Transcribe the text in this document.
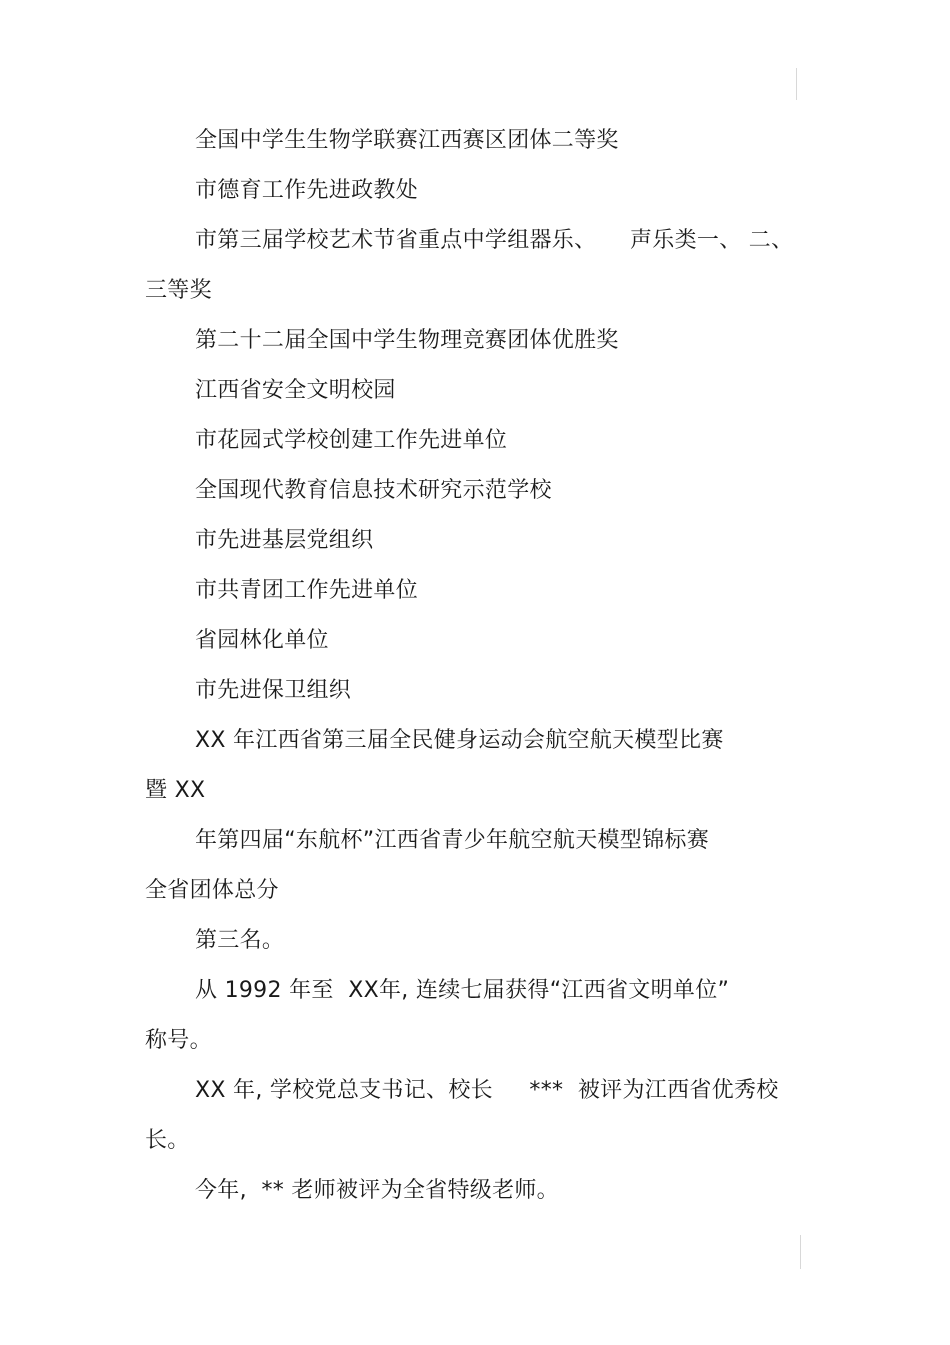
全国中学生生物学联赛江西赛区团体二等奖
市德育工作先进政教处
市第三届学校艺术节省重点中学组器乐、　　声乐类一、 二、
三等奖
第二十二届全国中学生物理竞赛团体优胜奖
江西省安全文明校园
市花园式学校创建工作先进单位
全国现代教育信息技术研究示范学校
市先进基层党组织
市共青团工作先进单位
省园林化单位
市先进保卫组织
XX 年江西省第三届全民健身运动会航空航天模型比赛
暨 XX
年第四届“东航杯”江西省青少年航空航天模型锦标赛
全省团体总分
第三名。
从 1992 年至  XX年, 连续七届获得“江西省文明单位”
称号。
XX 年, 学校党总支书记、校长     ***  被评为江西省优秀校
长。
今年,  ** 老师被评为全省特级老师。
